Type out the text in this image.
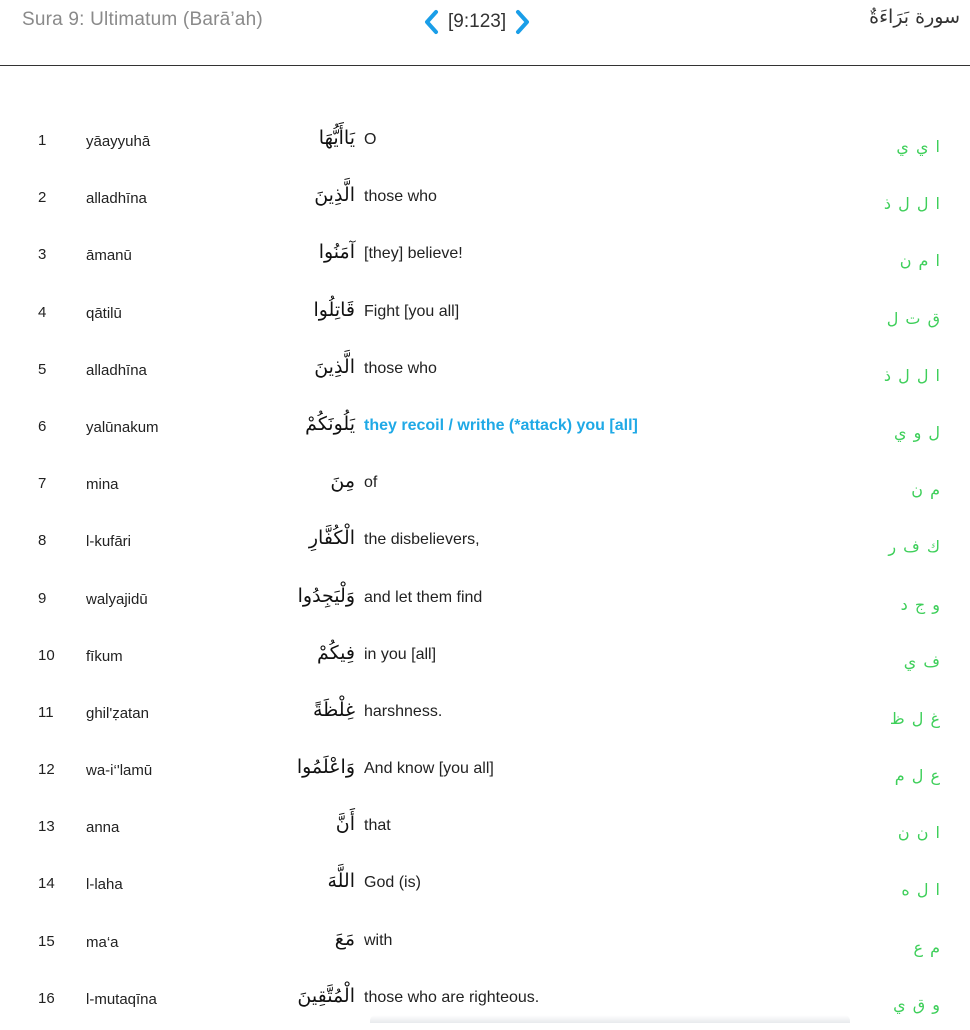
Sura 9: Ultimatum (Barā’ah)	[9:123]	سورة بَرَاءَةٌ
1	yāayyuhā	يَاأَيُّهَا O	ا ي ي
2	alladhīna	الَّذِينَ those who	ا ل ل ذ
3	āmanū	آمَنُوا [they] believe!	ا م ن
4	qātilū	قَاتِلُوا Fight [you all]	ق ت ل
5	alladhīna	الَّذِينَ those who	ا ل ل ذ
6	yalūnakum	يَلُونَكُمْ they recoil / writhe (*attack) you [all]	ل و ي
7	mina	مِنَ of	م ن
8	l-kufāri	الْكُفَّارِ the disbelievers,	ك ف ر
9	walyajidū	وَلْيَجِدُوا and let them find	و ج د
10 fīkum	فِيكُمْ in you [all]	ف ي
11 ghil'ẓatan	غِلْظَةً harshness.	غ ل ظ
12 wa-i‘'lamū	وَاعْلَمُوا And know [you all]	ع ل م
13 anna	أَنَّ that	ا ن ن
14 l-laha	اللَّهَ God (is)	ا ل ه
15 ma‘a	مَعَ with	م ع
16 l-mutaqīna	الْمُتَّقِينَ those who are righteous.	و ق ي
